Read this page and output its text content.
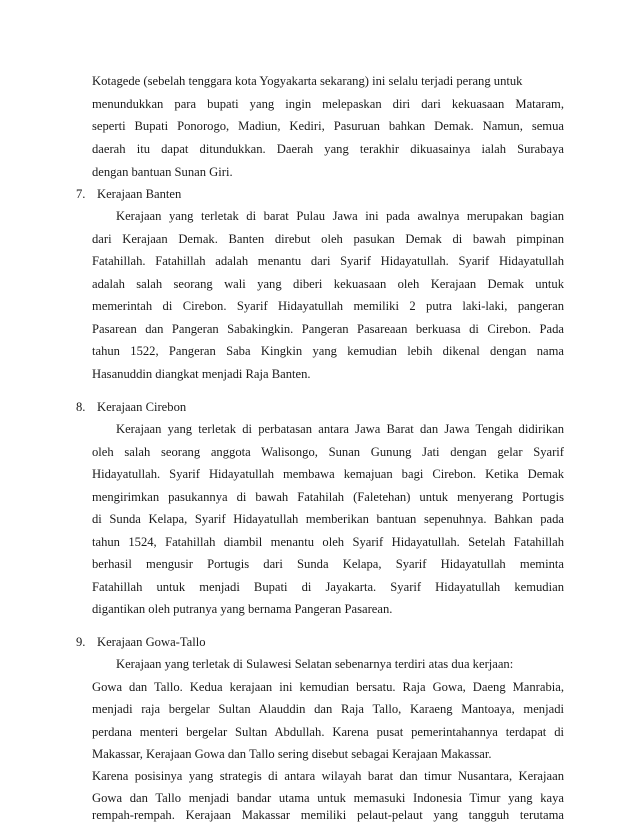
Kotagede (sebelah tenggara kota Yogyakarta sekarang) ini selalu terjadi perang untuk
menundukkan para bupati yang ingin melepaskan diri dari kekuasaan Mataram,
seperti Bupati Ponorogo, Madiun, Kediri, Pasuruan bahkan Demak. Namun, semua
daerah itu dapat ditundukkan. Daerah yang terakhir dikuasainya ialah Surabaya
dengan bantuan Sunan Giri.
7. Kerajaan Banten
Kerajaan yang terletak di barat Pulau Jawa ini pada awalnya merupakan bagian
dari Kerajaan Demak. Banten direbut oleh pasukan Demak di bawah pimpinan
Fatahillah. Fatahillah adalah menantu dari Syarif Hidayatullah. Syarif Hidayatullah
adalah salah seorang wali yang diberi kekuasaan oleh Kerajaan Demak untuk
memerintah di Cirebon. Syarif Hidayatullah memiliki 2 putra laki-laki, pangeran
Pasarean dan Pangeran Sabakingkin. Pangeran Pasareaan berkuasa di Cirebon. Pada
tahun 1522, Pangeran Saba Kingkin yang kemudian lebih dikenal dengan nama
Hasanuddin diangkat menjadi Raja Banten.
8. Kerajaan Cirebon
Kerajaan yang terletak di perbatasan antara Jawa Barat dan Jawa Tengah didirikan
oleh salah seorang anggota Walisongo, Sunan Gunung Jati dengan gelar Syarif
Hidayatullah. Syarif Hidayatullah membawa kemajuan bagi Cirebon. Ketika Demak
mengirimkan pasukannya di bawah Fatahilah (Faletehan) untuk menyerang Portugis
di Sunda Kelapa, Syarif Hidayatullah memberikan bantuan sepenuhnya. Bahkan pada
tahun 1524, Fatahillah diambil menantu oleh Syarif Hidayatullah. Setelah Fatahillah
berhasil mengusir Portugis dari Sunda Kelapa, Syarif Hidayatullah meminta
Fatahillah untuk menjadi Bupati di Jayakarta. Syarif Hidayatullah kemudian
digantikan oleh putranya yang bernama Pangeran Pasarean.
9. Kerajaan Gowa-Tallo
Kerajaan yang terletak di Sulawesi Selatan sebenarnya terdiri atas dua kerjaan:
Gowa dan Tallo. Kedua kerajaan ini kemudian bersatu. Raja Gowa, Daeng Manrabia,
menjadi raja bergelar Sultan Alauddin dan Raja Tallo, Karaeng Mantoaya, menjadi
perdana menteri bergelar Sultan Abdullah. Karena pusat pemerintahannya terdapat di
Makassar, Kerajaan Gowa dan Tallo sering disebut sebagai Kerajaan Makassar.
Karena posisinya yang strategis di antara wilayah barat dan timur Nusantara, Kerajaan
Gowa dan Tallo menjadi bandar utama untuk memasuki Indonesia Timur yang kaya
rempah-rempah. Kerajaan Makassar memiliki pelaut-pelaut yang tangguh terutama
